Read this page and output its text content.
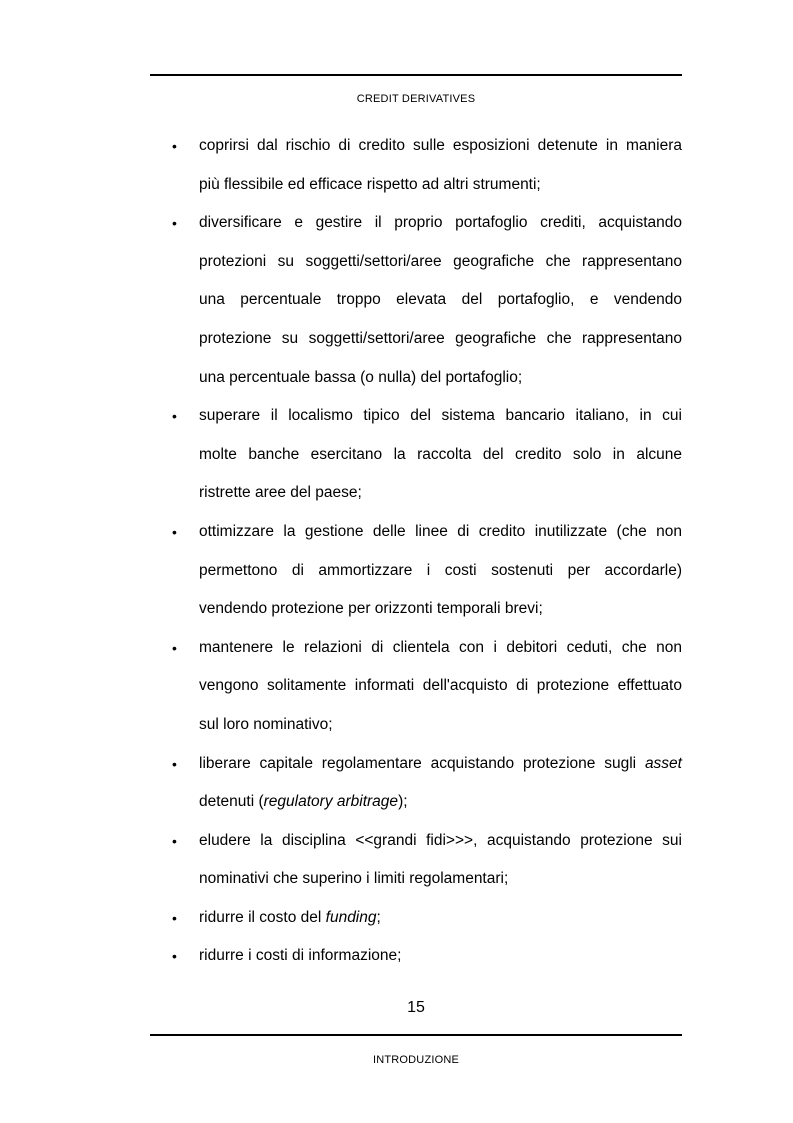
CREDIT DERIVATIVES
• coprirsi dal rischio di credito sulle esposizioni detenute in maniera
più flessibile ed efficace rispetto ad altri strumenti;
• diversificare e gestire il proprio portafoglio crediti, acquistando
protezioni su soggetti/settori/aree geografiche che rappresentano
una percentuale troppo elevata del portafoglio, e vendendo
protezione su soggetti/settori/aree geografiche che rappresentano
una percentuale bassa (o nulla) del portafoglio;
• superare il localismo tipico del sistema bancario italiano, in cui
molte banche esercitano la raccolta del credito solo in alcune
ristrette aree del paese;
• ottimizzare la gestione delle linee di credito inutilizzate (che non
permettono di ammortizzare i costi sostenuti per accordarle)
vendendo protezione per orizzonti temporali brevi;
• mantenere le relazioni di clientela con i debitori ceduti, che non
vengono solitamente informati dell'acquisto di protezione effettuato
sul loro nominativo;
• liberare capitale regolamentare acquistando protezione sugli asset
detenuti (regulatory arbitrage);
• eludere la disciplina <<grandi fidi>>>, acquistando protezione sui
nominativi che superino i limiti regolamentari;
• ridurre il costo del funding;
• ridurre i costi di informazione;
15
INTRODUZIONE
